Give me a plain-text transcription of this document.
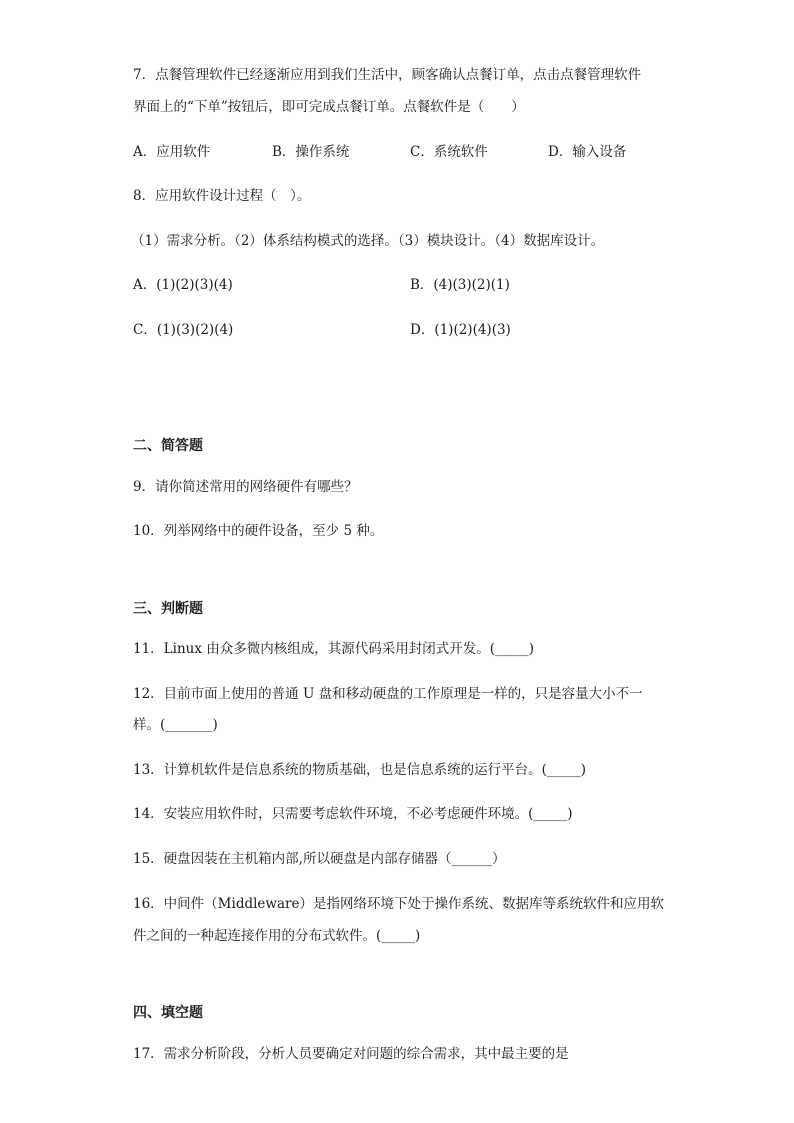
7．点餐管理软件已经逐渐应用到我们生活中，顾客确认点餐订单，点击点餐管理软件
界面上的“下单”按钮后，即可完成点餐订单。点餐软件是（　　）
A．应用软件	B．操作系统	C．系统软件	D．输入设备
8．应用软件设计过程（　）。
（1）需求分析。（2）体系结构模式的选择。（3）模块设计。（4）数据库设计。
A．(1)(2)(3)(4)	B．(4)(3)(2)(1)
C．(1)(3)(2)(4)	D．(1)(2)(4)(3)
二、简答题
9．请你简述常用的网络硬件有哪些？
10．列举网络中的硬件设备，至少 5 种。
三、判断题
11．Linux 由众多微内核组成，其源代码采用封闭式开发。(_____)
12．目前市面上使用的普通 U 盘和移动硬盘的工作原理是一样的，只是容量大小不一
样。(_______)
13．计算机软件是信息系统的物质基础，也是信息系统的运行平台。(_____)
14．安装应用软件时，只需要考虑软件环境，不必考虑硬件环境。(_____)
15．硬盘因装在主机箱内部,所以硬盘是内部存储器（______）
16．中间件（Middleware）是指网络环境下处于操作系统、数据库等系统软件和应用软
件之间的一种起连接作用的分布式软件。(_____)
四、填空题
17．需求分析阶段，分析人员要确定对问题的综合需求，其中最主要的是
